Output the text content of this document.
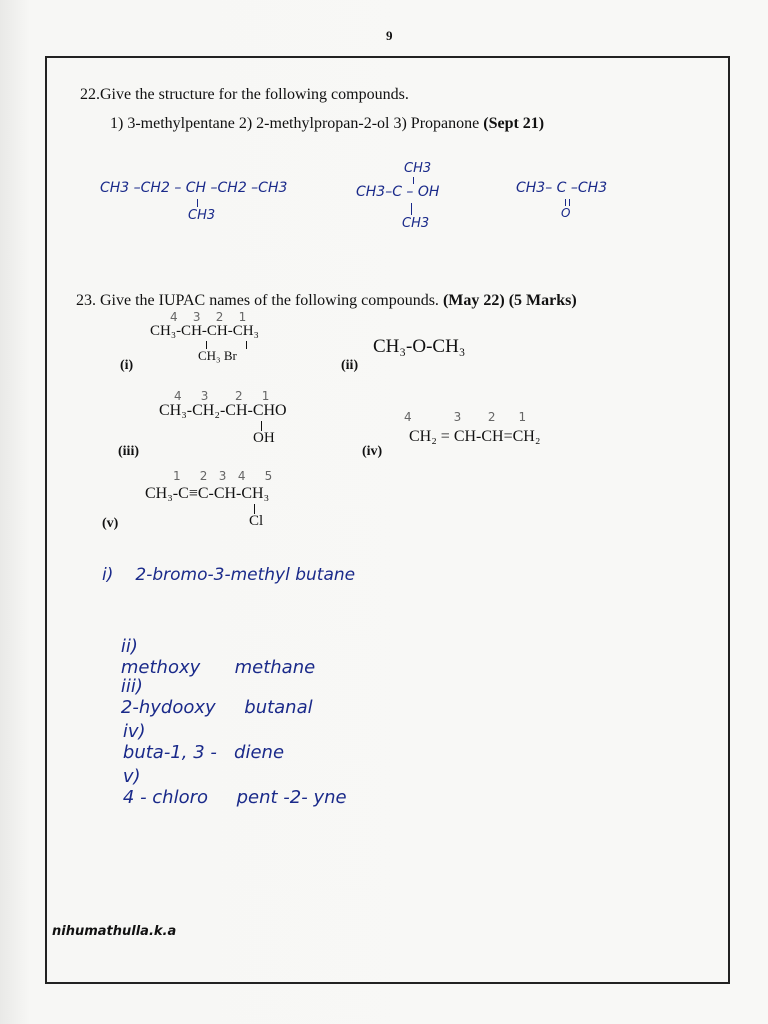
9
22.Give the structure for the following compounds.
1) 3-methylpentane 2) 2-methylpropan-2-ol 3) Propanone (Sept 21)
CH3 –CH2 – CH –CH2 –CH3
CH3
CH3
CH3–C – OH
CH3
CH3– C –CH3
O
23. Give the IUPAC names of the following compounds. (May 22) (5 Marks)
4    3    2    1
CH₃-CH-CH-CH₃
CH₃ Br
(i)
CH₃-O-CH₃
(ii)
4     3       2     1
CH₃-CH₂-CH-CHO
OH
(iii)
4           3       2      1
CH₂ = CH-CH=CH₂
(iv)
1     2   3   4     5
CH₃-C≡C-CH-CH₃
Cl
(v)
i) 2-bromo-3-methyl butane

ii)
methoxy      methane

iii)
2-hydooxy     butanal

iv)
buta-1, 3 -   diene

v)
4 - chloro     pent -2- yne

nihumathulla.k.a
